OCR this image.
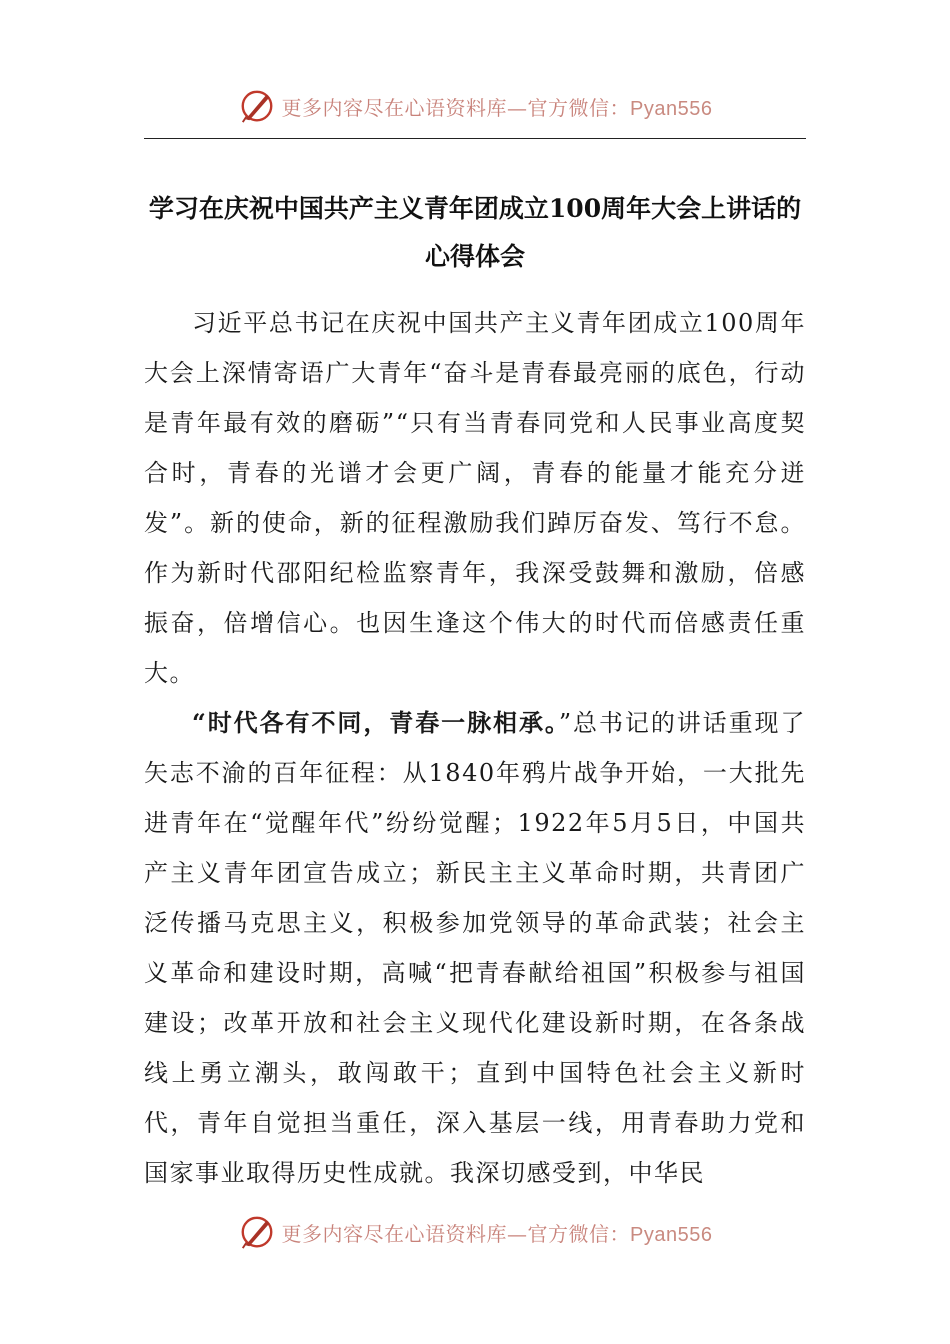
更多内容尽在心语资料库—官方微信：Pyan556
学习在庆祝中国共产主义青年团成立100周年大会上讲话的心得体会

习近平总书记在庆祝中国共产主义青年团成立100周年大会上深情寄语广大青年“奋斗是青春最亮丽的底色，行动是青年最有效的磨砺”“只有当青春同党和人民事业高度契合时，青春的光谱才会更广阔，青春的能量才能充分迸发”。新的使命，新的征程激励我们踔厉奋发、笃行不怠。作为新时代邵阳纪检监察青年，我深受鼓舞和激励，倍感振奋，倍增信心。也因生逢这个伟大的时代而倍感责任重大。

“时代各有不同，青春一脉相承。”总书记的讲话重现了矢志不渝的百年征程：从1840年鸦片战争开始，一大批先进青年在“觉醒年代”纷纷觉醒；1922年5月5日，中国共产主义青年团宣告成立；新民主主义革命时期，共青团广泛传播马克思主义，积极参加党领导的革命武装；社会主义革命和建设时期，高喊“把青春献给祖国”积极参与祖国建设；改革开放和社会主义现代化建设新时期，在各条战线上勇立潮头，敢闯敢干；直到中国特色社会主义新时代，青年自觉担当重任，深入基层一线，用青春助力党和国家事业取得历史性成就。我深切感受到，中华民

更多内容尽在心语资料库—官方微信：Pyan556
